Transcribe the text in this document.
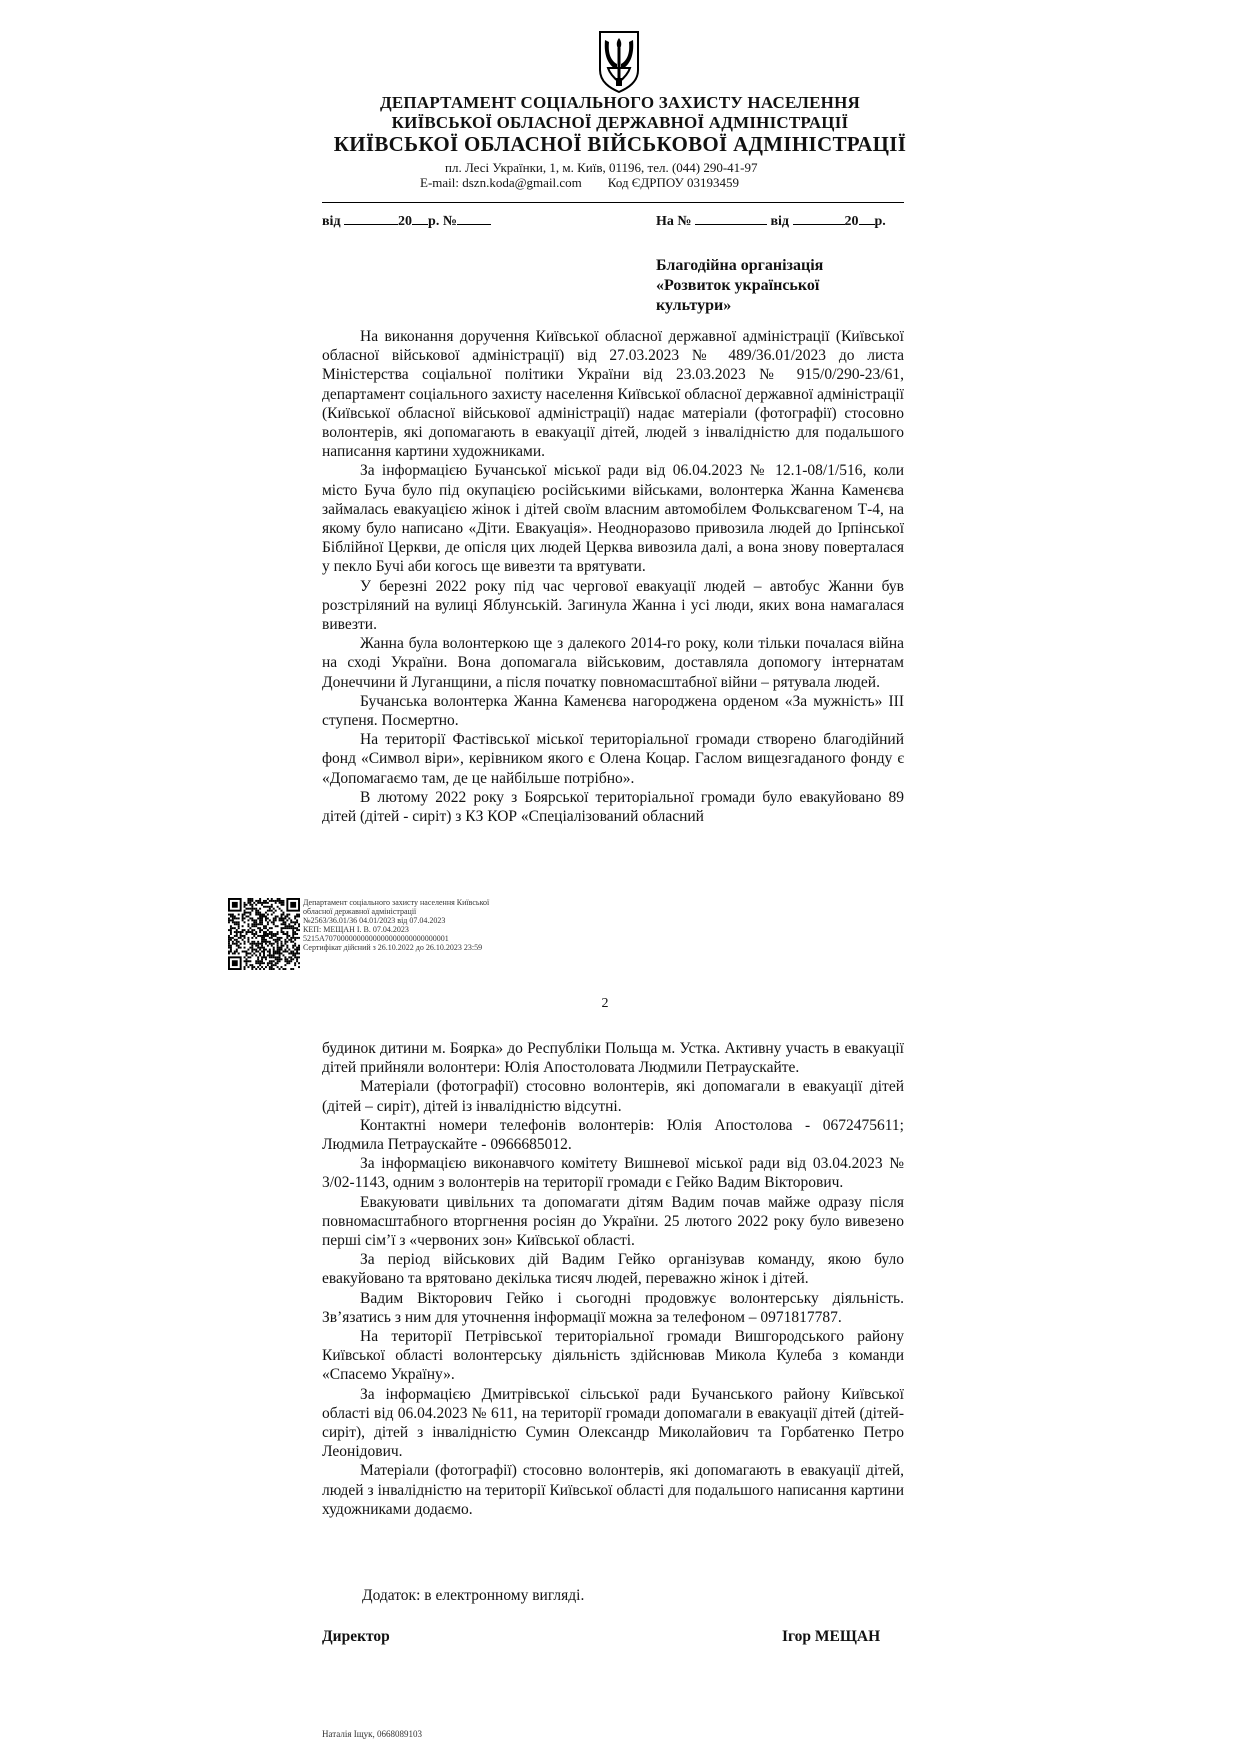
ДЕПАРТАМЕНТ СОЦІАЛЬНОГО ЗАХИСТУ НАСЕЛЕННЯ
КИЇВСЬКОЇ ОБЛАСНОЇ ДЕРЖАВНОЇ АДМІНІСТРАЦІЇ
КИЇВСЬКОЇ ОБЛАСНОЇ ВІЙСЬКОВОЇ АДМІНІСТРАЦІЇ
пл. Лесі Українки, 1, м. Київ, 01196, тел. (044) 290-41-97
E-mail: dszn.koda@gmail.com Код ЄДРПОУ 03193459
від	20 р. №	На №	від	20 р.
Благодійна організація
«Розвиток української
культури»

На виконання доручення Київської обласної державної адміністрації (Київської обласної військової адміністрації) від 27.03.2023 № 489/36.01/2023 до листа Міністерства соціальної політики України від 23.03.2023 № 915/0/290-23/61, департамент соціального захисту населення Київської обласної державної адміністрації (Київської обласної військової адміністрації) надає матеріали (фотографії) стосовно волонтерів, які допомагають в евакуації дітей, людей з інвалідністю для подальшого написання картини художниками.

За інформацією Бучанської міської ради від 06.04.2023 № 12.1-08/1/516, коли місто Буча було під окупацією російськими військами, волонтерка Жанна Каменєва займалась евакуацією жінок і дітей своїм власним автомобілем Фольксвагеном Т-4, на якому було написано «Діти. Евакуація». Неодноразово привозила людей до Ірпінської Біблійної Церкви, де опісля цих людей Церква вивозила далі, а вона знову поверталася у пекло Бучі аби когось ще вивезти та врятувати.

У березні 2022 року під час чергової евакуації людей – автобус Жанни був розстріляний на вулиці Яблунській. Загинула Жанна і усі люди, яких вона намагалася вивезти.

Жанна була волонтеркою ще з далекого 2014-го року, коли тільки почалася війна на сході України. Вона допомагала військовим, доставляла допомогу інтернатам Донеччини й Луганщини, а після початку повномасштабної війни – рятувала людей.

Бучанська волонтерка Жанна Каменєва нагороджена орденом «За мужність» ІІІ ступеня. Посмертно.

На території Фастівської міської територіальної громади створено благодійний фонд «Символ віри», керівником якого є Олена Коцар. Гаслом вищезгаданого фонду є «Допомагаємо там, де це найбільше потрібно».

В лютому 2022 року з Боярської територіальної громади було евакуйовано 89 дітей (дітей - сиріт) з КЗ КОР «Спеціалізований обласний

Департамент соціального захисту населення Київської
обласної державної адміністрації
№2563/36.01/36 04.01/2023 від 07.04.2023
КЕП: МЕЩАН І. В. 07.04.2023
5215A7070000000000000000000000000001
Сертифікат дійсний з 26.10.2022 до 26.10.2023 23:59
2

будинок дитини м. Боярка» до Республіки Польща м. Устка. Активну участь в евакуації дітей прийняли волонтери: Юлія Апостоловата Людмили Петраускайте.

Матеріали (фотографії) стосовно волонтерів, які допомагали в евакуації дітей (дітей – сиріт), дітей із інвалідністю відсутні.

Контактні номери телефонів волонтерів: Юлія Апостолова - 0672475611; Людмила Петраускайте - 0966685012.

За інформацією виконавчого комітету Вишневої міської ради від 03.04.2023 № 3/02-1143, одним з волонтерів на території громади є Гейко Вадим Вікторович.

Евакуювати цивільних та допомагати дітям Вадим почав майже одразу після повномасштабного вторгнення росіян до України. 25 лютого 2022 року було вивезено перші сім’ї з «червоних зон» Київської області.

За період військових дій Вадим Гейко організував команду, якою було евакуйовано та врятовано декілька тисяч людей, переважно жінок і дітей.

Вадим Вікторович Гейко і сьогодні продовжує волонтерську діяльність. Зв’язатись з ним для уточнення інформації можна за телефоном – 0971817787.

На території Петрівської територіальної громади Вишгородського району Київської області волонтерську діяльність здійснював Микола Кулеба з команди «Спасемо Україну».

За інформацією Дмитрівської сільської ради Бучанського району Київської області від 06.04.2023 № 611, на території громади допомагали в евакуації дітей (дітей-сиріт), дітей з інвалідністю Сумин Олександр Миколайович та Горбатенко Петро Леонідович.

Матеріали (фотографії) стосовно волонтерів, які допомагають в евакуації дітей, людей з інвалідністю на території Київської області для подальшого написання картини художниками додаємо.

Додаток: в електронному вигляді.
Директор	Ігор МЕЩАН
Наталія Іщук, 0668089103
